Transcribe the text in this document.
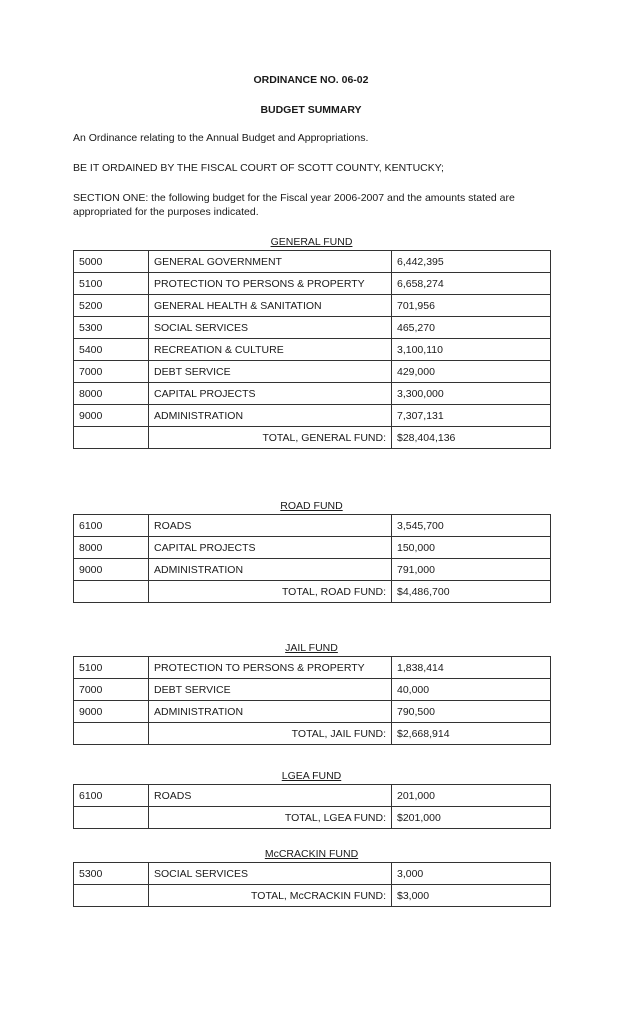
ORDINANCE NO. 06-02
BUDGET SUMMARY
An Ordinance relating to the Annual Budget and Appropriations.
BE IT ORDAINED BY THE FISCAL COURT OF SCOTT COUNTY, KENTUCKY;
SECTION ONE: the following budget for the Fiscal year 2006-2007 and the amounts stated are appropriated for the purposes indicated.
GENERAL FUND
5000	GENERAL GOVERNMENT	6,442,395
5100	PROTECTION TO PERSONS & PROPERTY	6,658,274
5200	GENERAL HEALTH & SANITATION	701,956
5300	SOCIAL SERVICES	465,270
5400	RECREATION & CULTURE	3,100,110
7000	DEBT SERVICE	429,000
8000	CAPITAL PROJECTS	3,300,000
9000	ADMINISTRATION	7,307,131
	TOTAL, GENERAL FUND:	$28,404,136
ROAD FUND
6100	ROADS	3,545,700
8000	CAPITAL PROJECTS	150,000
9000	ADMINISTRATION	791,000
	TOTAL, ROAD FUND:	$4,486,700
JAIL FUND
5100	PROTECTION TO PERSONS & PROPERTY	1,838,414
7000	DEBT SERVICE	40,000
9000	ADMINISTRATION	790,500
	TOTAL, JAIL FUND:	$2,668,914
LGEA FUND
6100	ROADS	201,000
	TOTAL, LGEA FUND:	$201,000
McCRACKIN FUND
5300	SOCIAL SERVICES	3,000
	TOTAL, McCRACKIN FUND:	$3,000
